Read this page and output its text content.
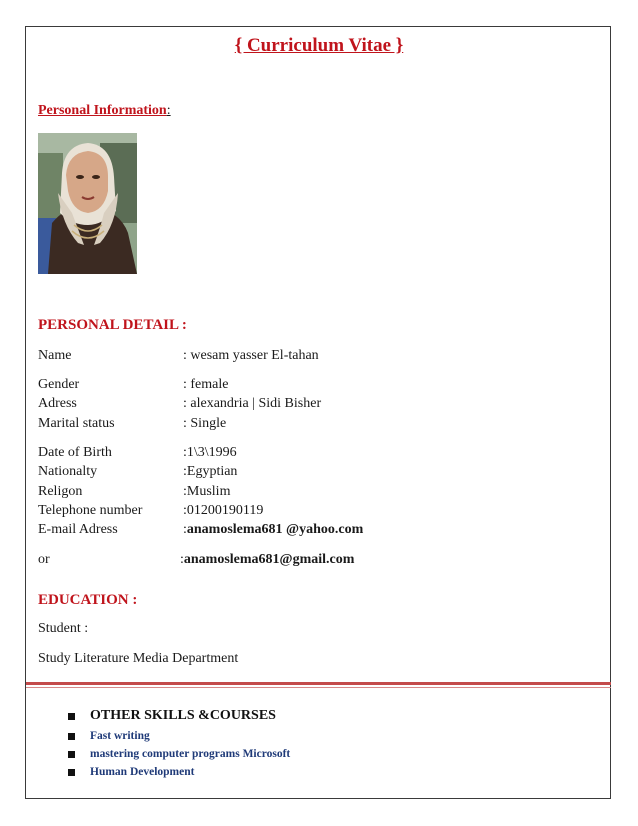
{ Curriculum Vitae }
Personal Information:
PERSONAL DETAIL :
Name	: wesam yasser El-tahan
Gender	: female
Adress	: alexandria | Sidi Bisher
Marital status	: Single
Date of Birth	:1\3\1996
Nationalty	:Egyptian
Religon	:Muslim
Telephone number	:01200190119
E-mail Adress	:anamoslema681 @yahoo.com
or	:anamoslema681@gmail.com
EDUCATION :
Student :
Study Literature Media Department
OTHER SKILLS &COURSES
Fast writing
mastering computer programs Microsoft
Human Development
